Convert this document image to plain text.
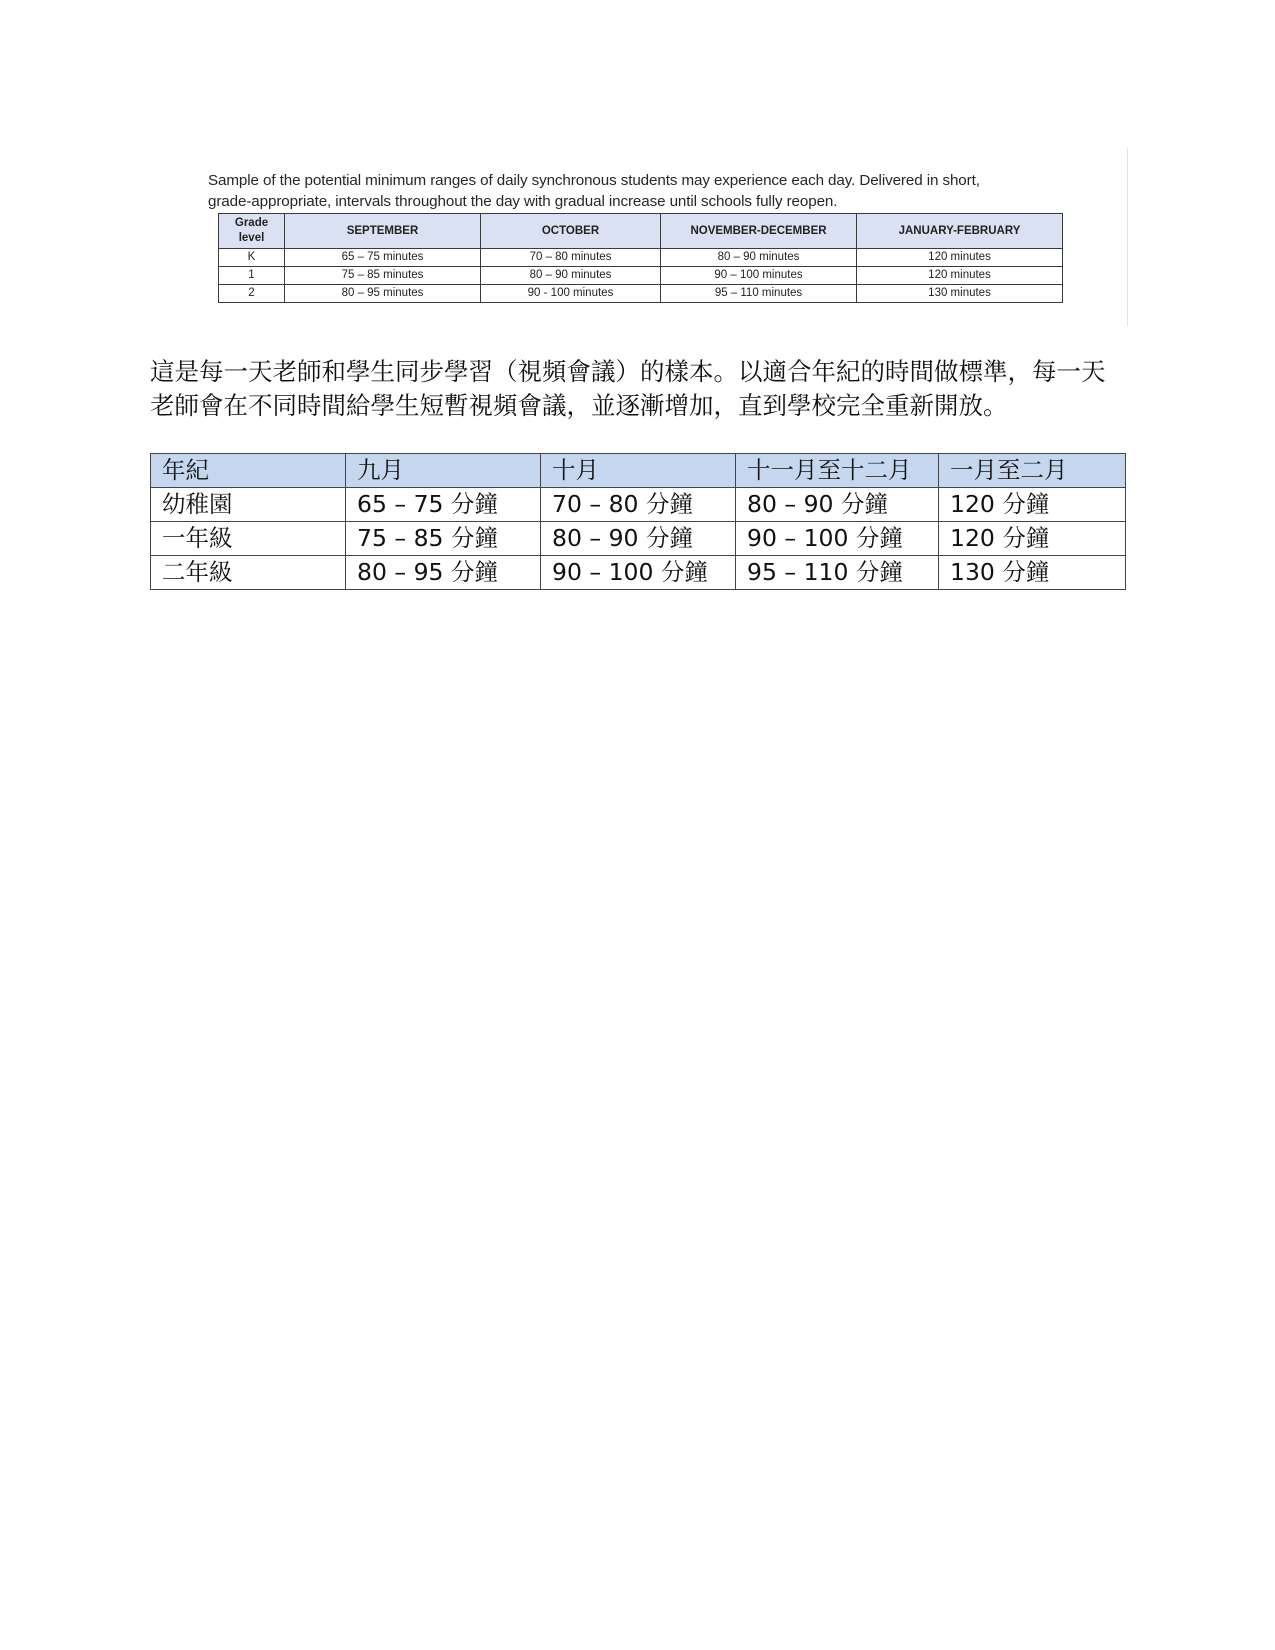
Sample of the potential minimum ranges of daily synchronous students may experience each day. Delivered in short,
grade-appropriate, intervals throughout the day with gradual increase until schools fully reopen.
Grade level	SEPTEMBER	OCTOBER	NOVEMBER-DECEMBER	JANUARY-FEBRUARY
K	65 – 75 minutes	70 – 80 minutes	80 – 90 minutes	120 minutes
1	75 – 85 minutes	80 – 90 minutes	90 – 100 minutes	120 minutes
2	80 – 95 minutes	90 - 100 minutes	95 – 110 minutes	130 minutes
這是每一天老師和學生同步學習（視頻會議）的樣本。以適合年紀的時間做標準，每一天
老師會在不同時間給學生短暫視頻會議，並逐漸增加，直到學校完全重新開放。
年紀	九月	十月	十一月至十二月	一月至二月
幼稚園	65 – 75 分鐘	70 – 80 分鐘	80 – 90 分鐘	120 分鐘
一年級	75 – 85 分鐘	80 – 90 分鐘	90 – 100 分鐘	120 分鐘
二年級	80 – 95 分鐘	90 – 100 分鐘	95 – 110 分鐘	130 分鐘
